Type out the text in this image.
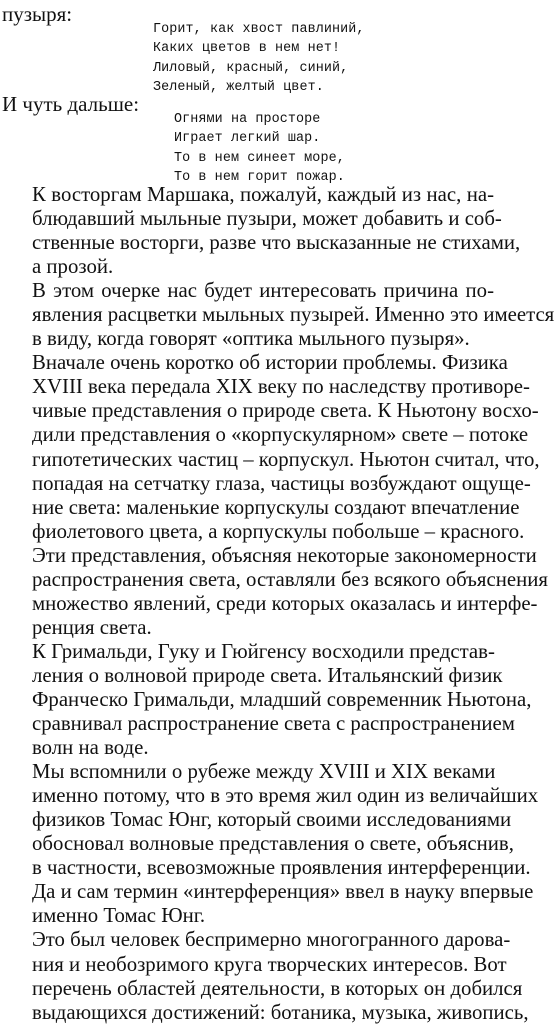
пузыря:
Горит, как хвост павлиний,
Каких цветов в нем нет!
Лиловый, красный, синий,
Зеленый, желтый цвет.
И чуть дальше:
Огнями на просторе
Играет легкий шар.
То в нем синеет море,
То в нем горит пожар.

К восторгам Маршака, пожалуй, каждый из нас, на-
блюдавший мыльные пузыри, может добавить и соб-
ственные восторги, разве что высказанные не стихами,
а прозой.

В этом очерке нас будет интересовать причина по-
явления расцветки мыльных пузырей. Именно это имеется
в виду, когда говорят «оптика мыльного пузыря».

Вначале очень коротко об истории проблемы. Физика
XVIII века передала XIX веку по наследству противоре-
чивые представления о природе света. К Ньютону восхо-
дили представления о «корпускулярном» свете – потоке
гипотетических частиц – корпускул. Ньютон считал, что,
попадая на сетчатку глаза, частицы возбуждают ощуще-
ние света: маленькие корпускулы создают впечатление
фиолетового цвета, а корпускулы побольше – красного.
Эти представления, объясняя некоторые закономерности
распространения света, оставляли без всякого объяснения
множество явлений, среди которых оказалась и интерфе-
ренция света.

К Гримальди, Гуку и Гюйгенсу восходили представ-
ления о волновой природе света. Итальянский физик
Франческо Гримальди, младший современник Ньютона,
сравнивал распространение света с распространением
волн на воде.

Мы вспомнили о рубеже между XVIII и XIX веками
именно потому, что в это время жил один из величайших
физиков Томас Юнг, который своими исследованиями
обосновал волновые представления о свете, объяснив,
в частности, всевозможные проявления интерференции.
Да и сам термин «интерференция» ввел в науку впервые
именно Томас Юнг.

Это был человек беспримерно многогранного дарова-
ния и необозримого круга творческих интересов. Вот
перечень областей деятельности, в которых он добился
выдающихся достижений: ботаника, музыка, живопись,
